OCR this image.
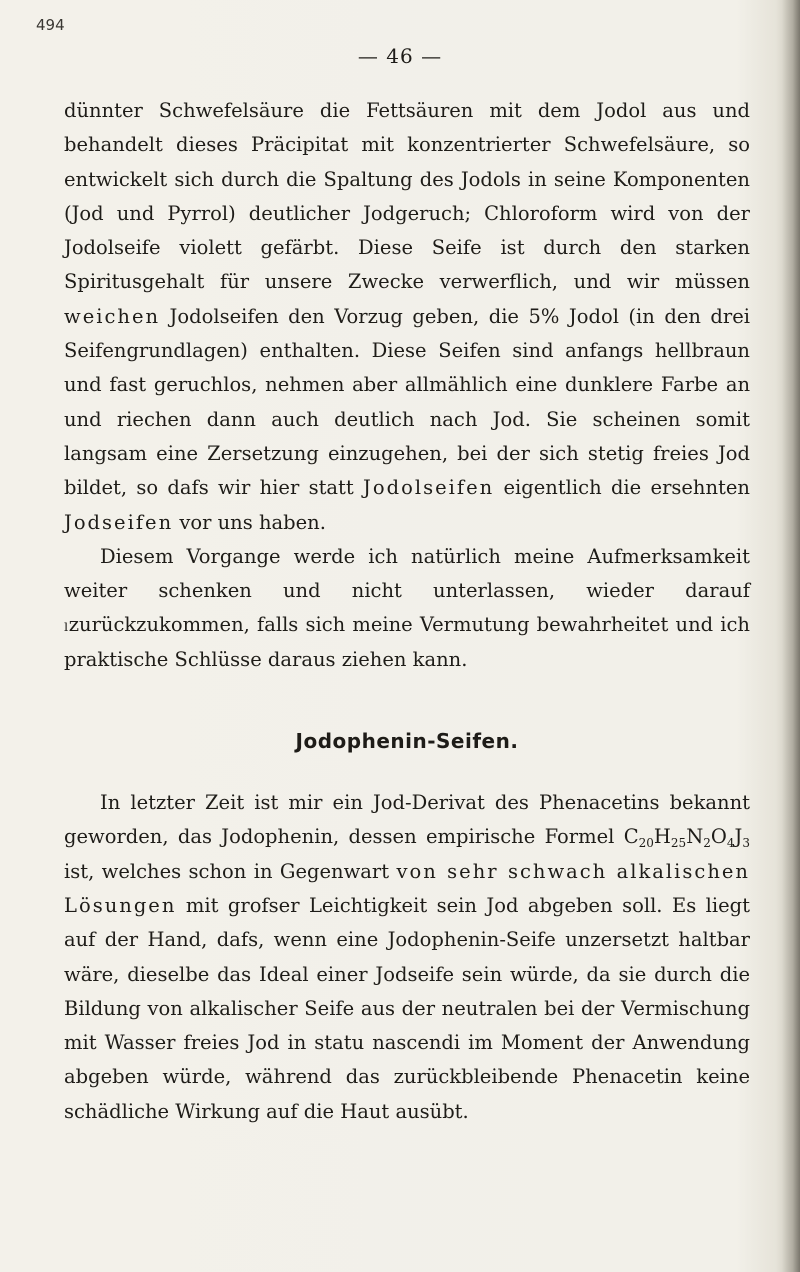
494
— 46 —

dünnter Schwefelsäure die Fettsäuren mit dem Jodol aus und behandelt dieses Präcipitat mit konzentrierter Schwefelsäure, so entwickelt sich durch die Spaltung des Jodols in seine Komponenten (Jod und Pyrrol) deutlicher Jodgeruch; Chloroform wird von der Jodolseife violett gefärbt. Diese Seife ist durch den starken Spiritusgehalt für unsere Zwecke verwerflich, und wir müssen weichen Jodolseifen den Vorzug geben, die 5% Jodol (in den drei Seifengrundlagen) enthalten. Diese Seifen sind anfangs hellbraun und fast geruchlos, nehmen aber allmählich eine dunklere Farbe an und riechen dann auch deutlich nach Jod. Sie scheinen somit langsam eine Zersetzung einzugehen, bei der sich stetig freies Jod bildet, so dafs wir hier statt Jodolseifen eigentlich die ersehnten Jodseifen vor uns haben.

Diesem Vorgange werde ich natürlich meine Aufmerksamkeit weiter schenken und nicht unterlassen, wieder darauf ₗzurückzukommen, falls sich meine Vermutung bewahrheitet und ich praktische Schlüsse daraus ziehen kann.

Jodophenin-Seifen.

In letzter Zeit ist mir ein Jod-Derivat des Phenacetins bekannt geworden, das Jodophenin, dessen empirische Formel $C_{20}H_{25}N_2O_4J_3$ ist, welches schon in Gegenwart von sehr schwach alkalischen Lösungen mit grofser Leichtigkeit sein Jod abgeben soll. Es liegt auf der Hand, dafs, wenn eine Jodophenin-Seife unzersetzt haltbar wäre, dieselbe das Ideal einer Jodseife sein würde, da sie durch die Bildung von alkalischer Seife aus der neutralen bei der Vermischung mit Wasser freies Jod in statu nascendi im Moment der Anwendung abgeben würde, während das zurückbleibende Phenacetin keine schädliche Wirkung auf die Haut ausübt.
